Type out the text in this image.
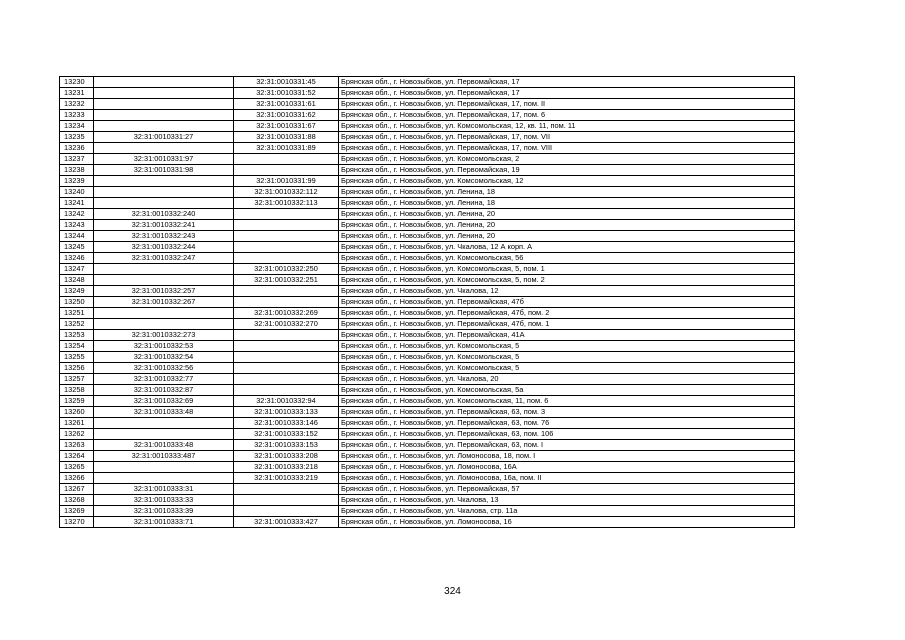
13230		32:31:0010331:45	Брянская обл., г. Новозыбков, ул. Первомайская, 17
13231		32:31:0010331:52	Брянская обл., г. Новозыбков, ул. Первомайская, 17
13232		32:31:0010331:61	Брянская обл., г. Новозыбков, ул. Первомайская, 17, пом. II
13233		32:31:0010331:62	Брянская обл., г. Новозыбков, ул. Первомайская, 17, пом. 6
13234		32:31:0010331:67	Брянская обл., г. Новозыбков, ул. Комсомольская, 12, кв. 11, пом. 11
13235	32:31:0010331:27	32:31:0010331:88	Брянская обл., г. Новозыбков, ул. Первомайская, 17, пом. VII
13236		32:31:0010331:89	Брянская обл., г. Новозыбков, ул. Первомайская, 17, пом. VIII
13237	32:31:0010331:97		Брянская обл., г. Новозыбков, ул. Комсомольская, 2
13238	32:31:0010331:98		Брянская обл., г. Новозыбков, ул. Первомайская, 19
13239		32:31:0010331:99	Брянская обл., г. Новозыбков, ул. Комсомольская, 12
13240		32:31:0010332:112	Брянская обл., г. Новозыбков, ул. Ленина, 18
13241		32:31:0010332:113	Брянская обл., г. Новозыбков, ул. Ленина, 18
13242	32:31:0010332:240		Брянская обл., г. Новозыбков, ул. Ленина, 20
13243	32:31:0010332:241		Брянская обл., г. Новозыбков, ул. Ленина, 20
13244	32:31:0010332:243		Брянская обл., г. Новозыбков, ул. Ленина, 20
13245	32:31:0010332:244		Брянская обл., г. Новозыбков, ул. Чкалова, 12 А корп. А
13246	32:31:0010332:247		Брянская обл., г. Новозыбков, ул. Комсомольская, 56
13247		32:31:0010332:250	Брянская обл., г. Новозыбков, ул. Комсомольская, 5, пом. 1
13248		32:31:0010332:251	Брянская обл., г. Новозыбков, ул. Комсомольская, 5, пом. 2
13249	32:31:0010332:257		Брянская обл., г. Новозыбков, ул. Чкалова, 12
13250	32:31:0010332:267		Брянская обл., г. Новозыбков, ул. Первомайская, 47б
13251		32:31:0010332:269	Брянская обл., г. Новозыбков, ул. Первомайская, 47б, пом. 2
13252		32:31:0010332:270	Брянская обл., г. Новозыбков, ул. Первомайская, 47б, пом. 1
13253	32:31:0010332:273		Брянская обл., г. Новозыбков, ул. Первомайская, 41А
13254	32:31:0010332:53		Брянская обл., г. Новозыбков, ул. Комсомольская, 5
13255	32:31:0010332:54		Брянская обл., г. Новозыбков, ул. Комсомольская, 5
13256	32:31:0010332:56		Брянская обл., г. Новозыбков, ул. Комсомольская, 5
13257	32:31:0010332:77		Брянская обл., г. Новозыбков, ул. Чкалова, 20
13258	32:31:0010332:87		Брянская обл., г. Новозыбков, ул. Комсомольская, 5а
13259	32:31:0010332:69	32:31:0010332:94	Брянская обл., г. Новозыбков, ул. Комсомольская, 11, пом. 6
13260	32:31:0010333:48	32:31:0010333:133	Брянская обл., г. Новозыбков, ул. Первомайская, 63, пом. 3
13261		32:31:0010333:146	Брянская обл., г. Новозыбков, ул. Первомайская, 63, пом. 76
13262		32:31:0010333:152	Брянская обл., г. Новозыбков, ул. Первомайская, 63, пом. 106
13263	32:31:0010333:48	32:31:0010333:153	Брянская обл., г. Новозыбков, ул. Первомайская, 63, пом. I
13264	32:31:0010333:487	32:31:0010333:208	Брянская обл., г. Новозыбков, ул. Ломоносова, 18, пом. I
13265		32:31:0010333:218	Брянская обл., г. Новозыбков, ул. Ломоносова, 16А
13266		32:31:0010333:219	Брянская обл., г. Новозыбков, ул. Ломоносова, 16а, пом. II
13267	32:31:0010333:31		Брянская обл., г. Новозыбков, ул. Первомайская, 57
13268	32:31:0010333:33		Брянская обл., г. Новозыбков, ул. Чкалова, 13
13269	32:31:0010333:39		Брянская обл., г. Новозыбков, ул. Чкалова, стр. 11а
13270	32:31:0010333:71	32:31:0010333:427	Брянская обл., г. Новозыбков, ул. Ломоносова, 16
324
